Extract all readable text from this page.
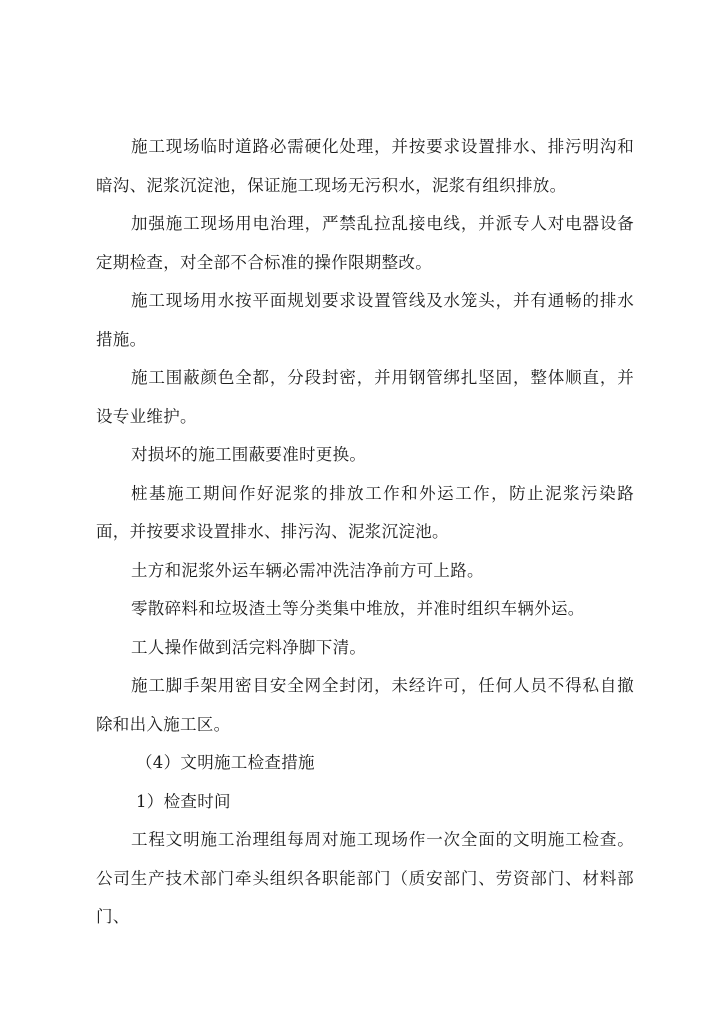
施工现场临时道路必需硬化处理，并按要求设置排水、排污明沟和暗沟、泥浆沉淀池，保证施工现场无污积水，泥浆有组织排放。

加强施工现场用电治理，严禁乱拉乱接电线，并派专人对电器设备定期检查，对全部不合标准的操作限期整改。

施工现场用水按平面规划要求设置管线及水笼头，并有通畅的排水措施。

施工围蔽颜色全都，分段封密，并用钢管绑扎坚固，整体顺直，并设专业维护。

对损坏的施工围蔽要准时更换。

桩基施工期间作好泥浆的排放工作和外运工作，防止泥浆污染路面，并按要求设置排水、排污沟、泥浆沉淀池。

土方和泥浆外运车辆必需冲洗洁净前方可上路。

零散碎料和垃圾渣土等分类集中堆放，并准时组织车辆外运。

工人操作做到活完料净脚下清。

施工脚手架用密目安全网全封闭，未经许可，任何人员不得私自撤除和出入施工区。

（4）文明施工检查措施

1）检查时间

工程文明施工治理组每周对施工现场作一次全面的文明施工检查。公司生产技术部门牵头组织各职能部门（质安部门、劳资部门、材料部门、
